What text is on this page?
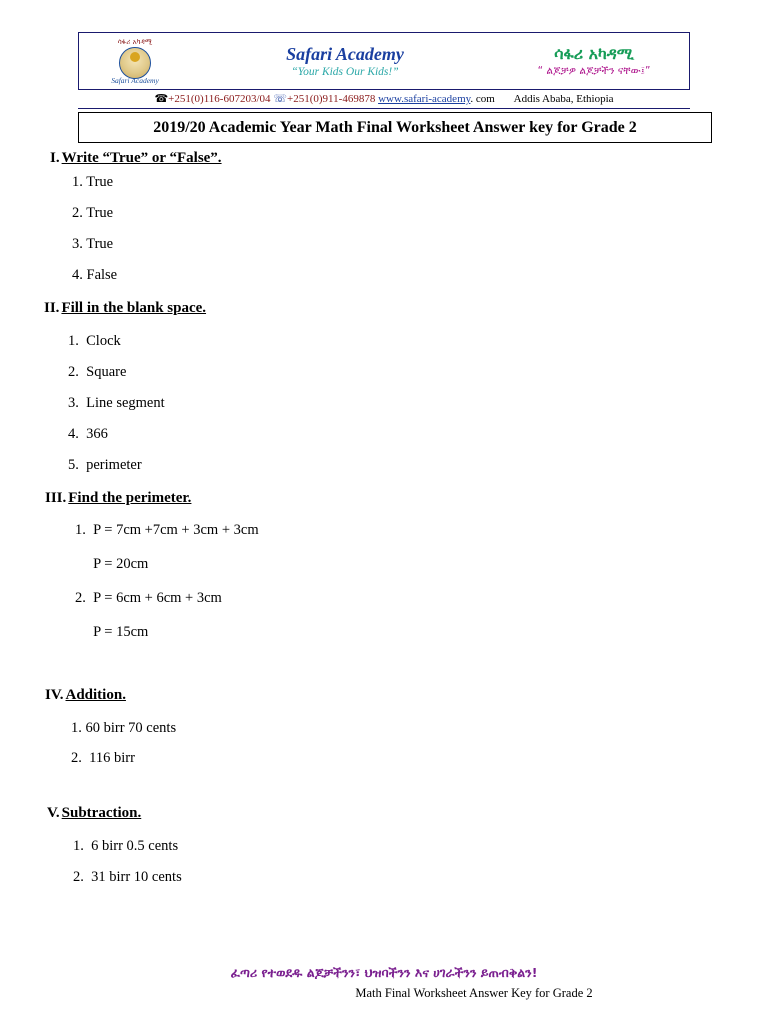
ሳፋሪ አካዳሚ
Safari Academy
Safari Academy
“Your Kids Our Kids!”
ሳፋሪ አካዳሚ
“ ልጆቻዎ ልጆቻችን ናቸው፤”
☎+251(0)116-607203/04 ☏+251(0)911-469878 www.safari-academy. com Addis Ababa, Ethiopia
2019/20 Academic Year Math Final Worksheet Answer key for Grade 2
I. Write “True” or “False”.
1. True
2. True
3. True
4. False
II. Fill in the blank space.
1.  Clock
2.  Square
3.  Line segment
4.  366
5.  perimeter
III. Find the perimeter.
1.  P = 7cm +7cm + 3cm + 3cm
P = 20cm
2.  P = 6cm + 6cm + 3cm
P = 15cm
IV. Addition.
1. 60 birr 70 cents
2.  116 birr
V. Subtraction.
1.  6 birr 0.5 cents
2.  31 birr 10 cents
ፈጣሪ የተወደዱ ልጆቻችንን፣ ህዝባችንን እና ሀገራችንን ይጠብቅልን!
Math Final Worksheet Answer Key for Grade 2
